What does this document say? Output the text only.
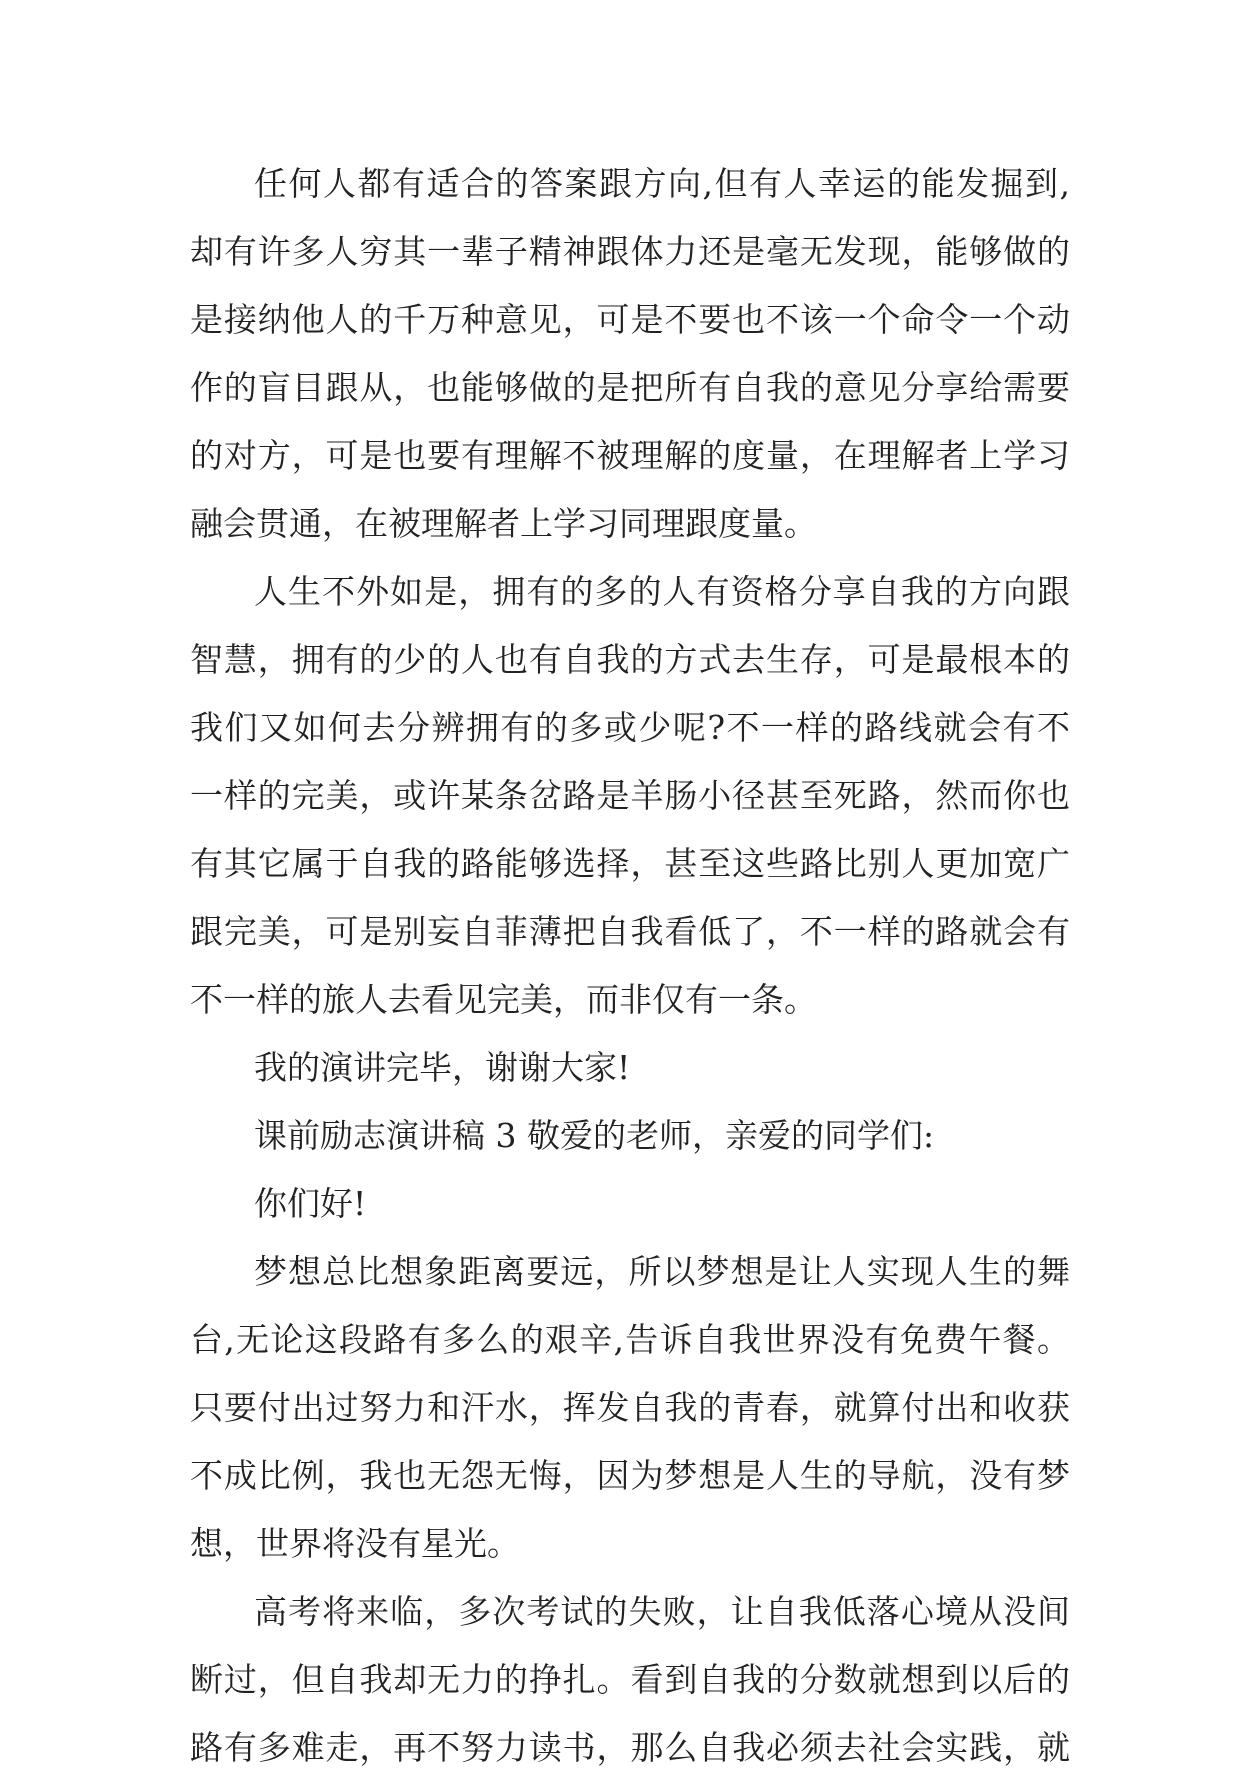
任何人都有适合的答案跟方向,但有人幸运的能发掘到,
却有许多人穷其一辈子精神跟体力还是毫无发现，能够做的
是接纳他人的千万种意见，可是不要也不该一个命令一个动
作的盲目跟从，也能够做的是把所有自我的意见分享给需要
的对方，可是也要有理解不被理解的度量，在理解者上学习
融会贯通，在被理解者上学习同理跟度量。
人生不外如是，拥有的多的人有资格分享自我的方向跟
智慧，拥有的少的人也有自我的方式去生存，可是最根本的
我们又如何去分辨拥有的多或少呢?不一样的路线就会有不
一样的完美，或许某条岔路是羊肠小径甚至死路，然而你也
有其它属于自我的路能够选择，甚至这些路比别人更加宽广
跟完美，可是别妄自菲薄把自我看低了，不一样的路就会有
不一样的旅人去看见完美，而非仅有一条。
我的演讲完毕，谢谢大家!
课前励志演讲稿 3 敬爱的老师，亲爱的同学们:
你们好!
梦想总比想象距离要远，所以梦想是让人实现人生的舞
台,无论这段路有多么的艰辛,告诉自我世界没有免费午餐。
只要付出过努力和汗水，挥发自我的青春，就算付出和收获
不成比例，我也无怨无悔，因为梦想是人生的导航，没有梦
想，世界将没有星光。
高考将来临，多次考试的失败，让自我低落心境从没间
断过，但自我却无力的挣扎。看到自我的分数就想到以后的
路有多难走，再不努力读书，那么自我必须去社会实践，就
